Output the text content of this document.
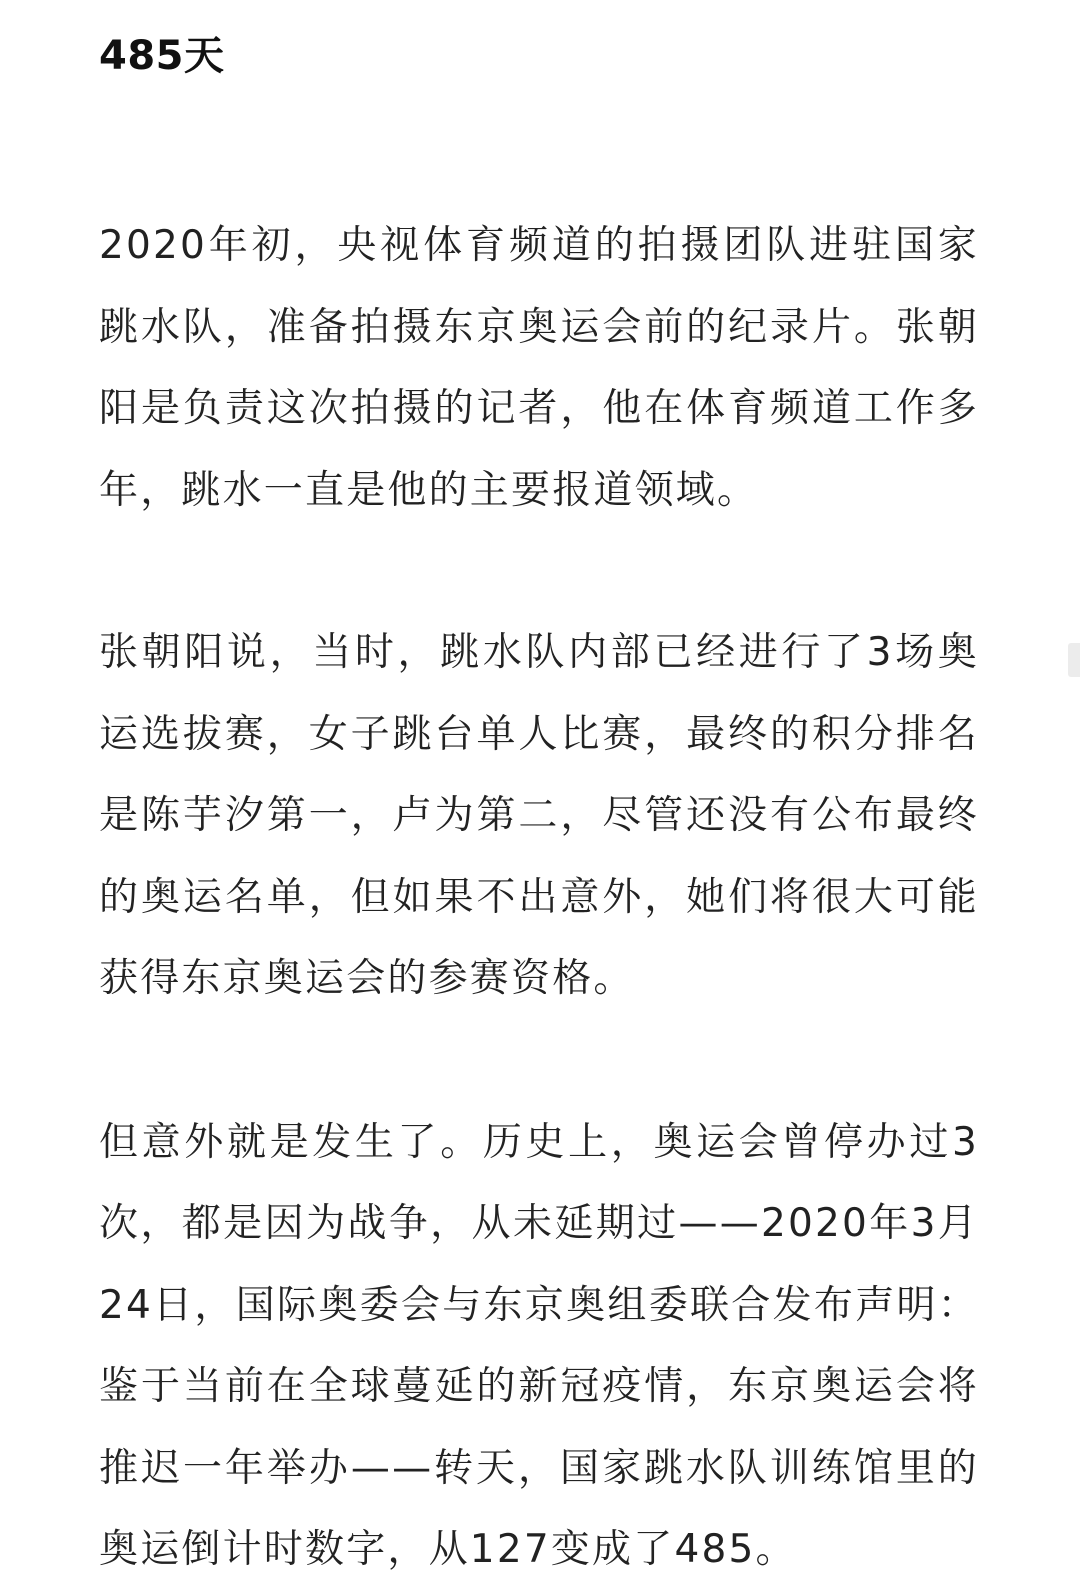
485天

2020年初，央视体育频道的拍摄团队进驻国家跳水队，准备拍摄东京奥运会前的纪录片。张朝阳是负责这次拍摄的记者，他在体育频道工作多年，跳水一直是他的主要报道领域。

张朝阳说，当时，跳水队内部已经进行了3场奥运选拔赛，女子跳台单人比赛，最终的积分排名是陈芋汐第一，卢为第二，尽管还没有公布最终的奥运名单，但如果不出意外，她们将很大可能获得东京奥运会的参赛资格。

但意外就是发生了。历史上，奥运会曾停办过3次，都是因为战争，从未延期过——2020年3月24日，国际奥委会与东京奥组委联合发布声明：鉴于当前在全球蔓延的新冠疫情，东京奥运会将推迟一年举办——转天，国家跳水队训练馆里的奥运倒计时数字，从127变成了485。
